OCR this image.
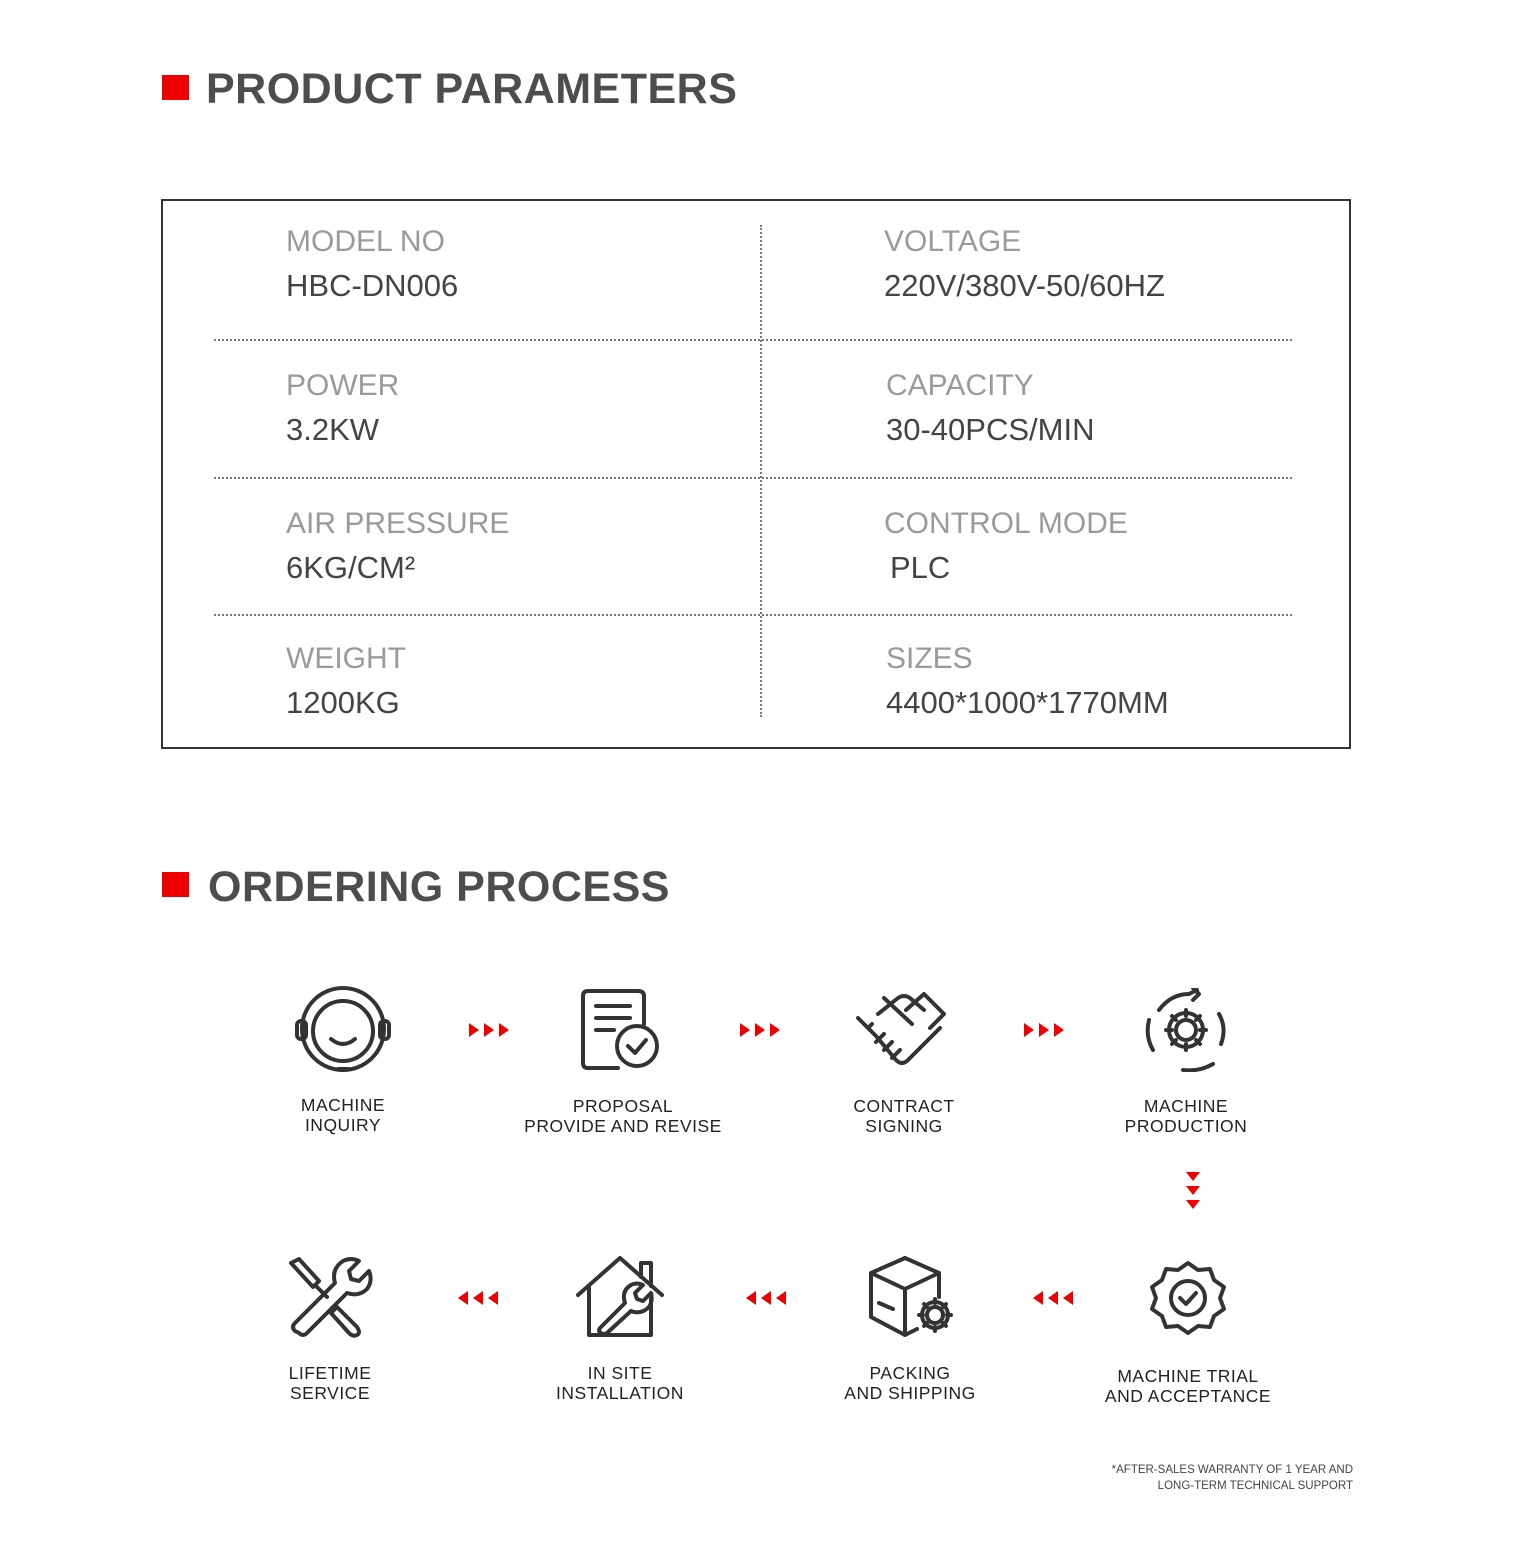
PRODUCT PARAMETERS
MODEL NO
HBC-DN006
VOLTAGE
220V/380V-50/60HZ
POWER
3.2KW
CAPACITY
30-40PCS/MIN
AIR PRESSURE
6KG/CM²
CONTROL MODE
PLC
WEIGHT
1200KG
SIZES
4400*1000*1770MM
ORDERING PROCESS
MACHINE
INQUIRY
PROPOSAL
PROVIDE AND REVISE
CONTRACT
SIGNING
MACHINE
PRODUCTION
MACHINE TRIAL
AND ACCEPTANCE
PACKING
AND SHIPPING
IN SITE
INSTALLATION
LIFETIME
SERVICE
*AFTER-SALES WARRANTY OF 1 YEAR AND
LONG-TERM TECHNICAL SUPPORT
